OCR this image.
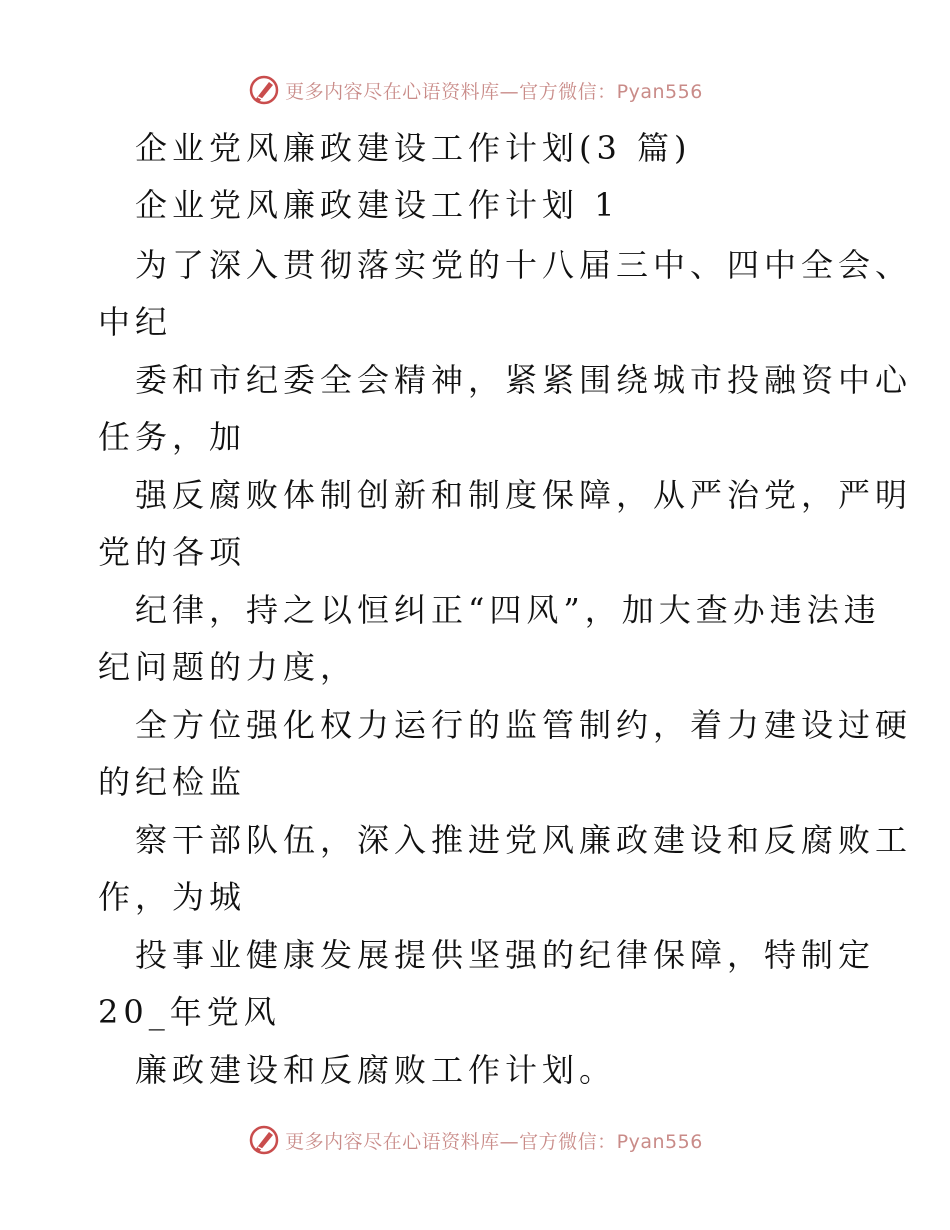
更多内容尽在心语资料库—官方微信：Pyan556
企业党风廉政建设工作计划(3 篇)
企业党风廉政建设工作计划 1
为了深入贯彻落实党的十八届三中、四中全会、
中纪
委和市纪委全会精神，紧紧围绕城市投融资中心
任务，加
强反腐败体制创新和制度保障，从严治党，严明
党的各项
纪律，持之以恒纠正“四风”，加大查办违法违
纪问题的力度，
全方位强化权力运行的监管制约，着力建设过硬
的纪检监
察干部队伍，深入推进党风廉政建设和反腐败工
作，为城
投事业健康发展提供坚强的纪律保障，特制定
20_年党风
廉政建设和反腐败工作计划。
更多内容尽在心语资料库—官方微信：Pyan556
